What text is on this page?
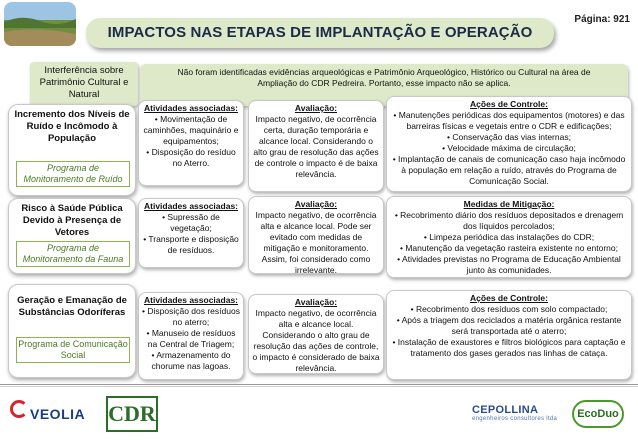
IMPACTOS NAS ETAPAS DE IMPLANTAÇÃO E OPERAÇÃO
Página: 921
Interferência sobre Patrimônio Cultural e Natural
Não foram identificadas evidências arqueológicas e Patrimônio Arqueológico, Histórico ou Cultural na área de Ampliação do CDR Pedreira. Portanto, esse impacto não se aplica.
Incremento dos Níveis de Ruído e Incômodo à População
Programa de Monitoramento de Ruído
Atividades associadas:
• Movimentação de caminhões, maquinário e equipamentos;
• Disposição do resíduo no Aterro.
Avaliação:
Impacto negativo, de ocorrência certa, duração temporária e alcance local. Considerando o alto grau de resolução das ações de controle o impacto é de baixa relevância.
Ações de Controle:
• Manutenções periódicas dos equipamentos (motores) e das barreiras físicas e vegetais entre o CDR e edificações;
• Conservação das vias internas;
• Velocidade máxima de circulação;
• Implantação de canais de comunicação caso haja incômodo à população em relação a ruído, através do Programa de Comunicação Social.
Risco à Saúde Pública Devido à Presença de Vetores
Programa de Monitoramento da Fauna
Atividades associadas:
• Supressão de vegetação;
• Transporte e disposição de resíduos.
Avaliação:
Impacto negativo, de ocorrência alta e alcance local. Pode ser evitado com medidas de mitigação e monitoramento. Assim, foi considerado como irrelevante.
Medidas de Mitigação:
• Recobrimento diário dos resíduos depositados e drenagem dos líquidos percolados;
• Limpeza periódica das instalações do CDR;
• Manutenção da vegetação rasteira existente no entorno;
• Atividades previstas no Programa de Educação Ambiental junto às comunidades.
Geração e Emanação de Substâncias Odoríferas
Programa de Comunicação Social
Atividades associadas:
• Disposição dos resíduos no aterro;
• Manuseio de resíduos na Central de Triagem;
• Armazenamento do chorume nas lagoas.
Avaliação:
Impacto negativo, de ocorrência alta e alcance local. Considerando o alto grau de resolução das ações de controle, o impacto é considerado de baixa relevância.
Ações de Controle:
• Recobrimento dos resíduos com solo compactado;
• Após a triagem dos reciclados a matéria orgânica restante será transportada até o aterro;
• Instalação de exaustores e filtros biológicos para captação e tratamento dos gases gerados nas linhas de cataça.
VEOLIA CDR	CEPOLLINA
engenheiros consultores ltda	EcoDuo
